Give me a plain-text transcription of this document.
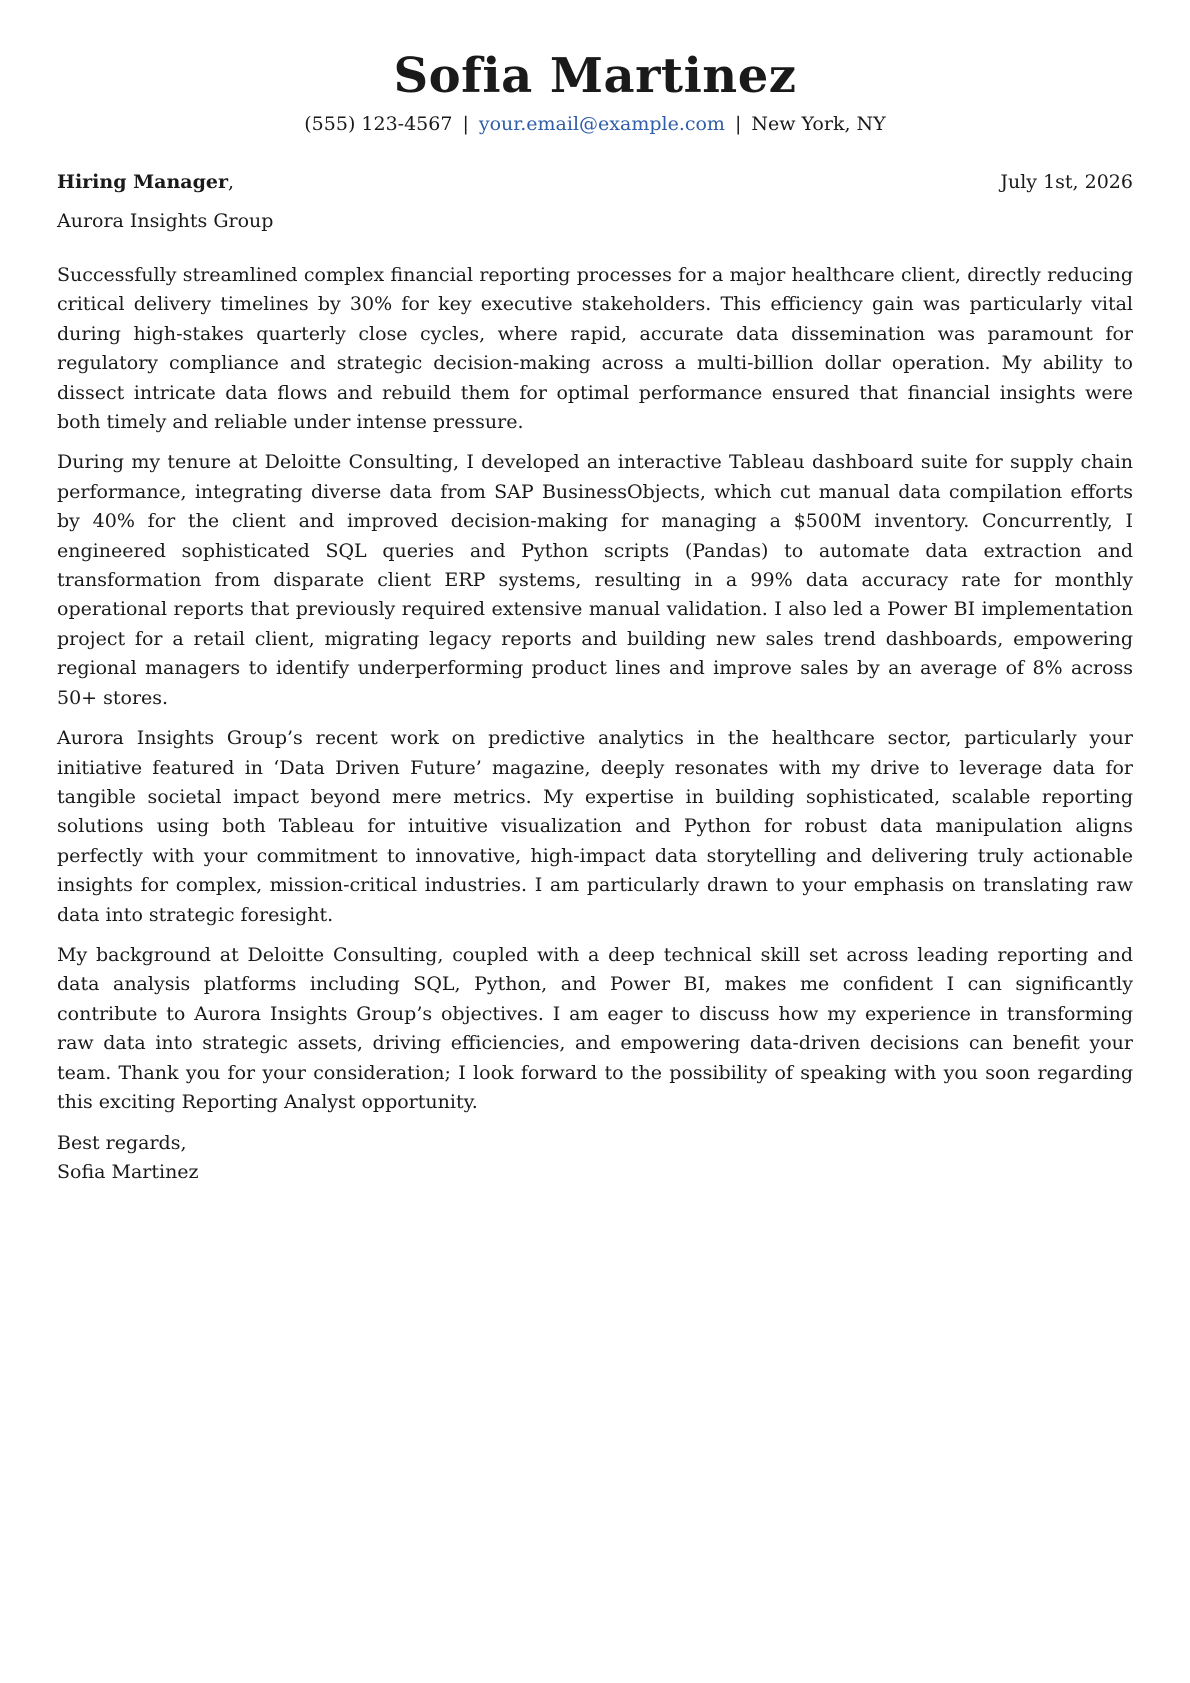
Sofia Martinez
(555) 123-4567 | your.email@example.com | New York, NY
Hiring Manager,	July 1st, 2026
Aurora Insights Group

Successfully streamlined complex financial reporting processes for a major healthcare client, directly reducing critical delivery timelines by 30% for key executive stakeholders. This efficiency gain was particularly vital during high-stakes quarterly close cycles, where rapid, accurate data dissemination was paramount for regulatory compliance and strategic decision-making across a multi-billion dollar operation. My ability to dissect intricate data flows and rebuild them for optimal performance ensured that financial insights were both timely and reliable under intense pressure.

During my tenure at Deloitte Consulting, I developed an interactive Tableau dashboard suite for supply chain performance, integrating diverse data from SAP BusinessObjects, which cut manual data compilation efforts by 40% for the client and improved decision-making for managing a $500M inventory. Concurrently, I engineered sophisticated SQL queries and Python scripts (Pandas) to automate data extraction and transformation from disparate client ERP systems, resulting in a 99% data accuracy rate for monthly operational reports that previously required extensive manual validation. I also led a Power BI implementation project for a retail client, migrating legacy reports and building new sales trend dashboards, empowering regional managers to identify underperforming product lines and improve sales by an average of 8% across 50+ stores.

Aurora Insights Group’s recent work on predictive analytics in the healthcare sector, particularly your initiative featured in ‘Data Driven Future’ magazine, deeply resonates with my drive to leverage data for tangible societal impact beyond mere metrics. My expertise in building sophisticated, scalable reporting solutions using both Tableau for intuitive visualization and Python for robust data manipulation aligns perfectly with your commitment to innovative, high-impact data storytelling and delivering truly actionable insights for complex, mission-critical industries. I am particularly drawn to your emphasis on translating raw data into strategic foresight.

My background at Deloitte Consulting, coupled with a deep technical skill set across leading reporting and data analysis platforms including SQL, Python, and Power BI, makes me confident I can significantly contribute to Aurora Insights Group’s objectives. I am eager to discuss how my experience in transforming raw data into strategic assets, driving efficiencies, and empowering data-driven decisions can benefit your team. Thank you for your consideration; I look forward to the possibility of speaking with you soon regarding this exciting Reporting Analyst opportunity.

Best regards,
Sofia Martinez
